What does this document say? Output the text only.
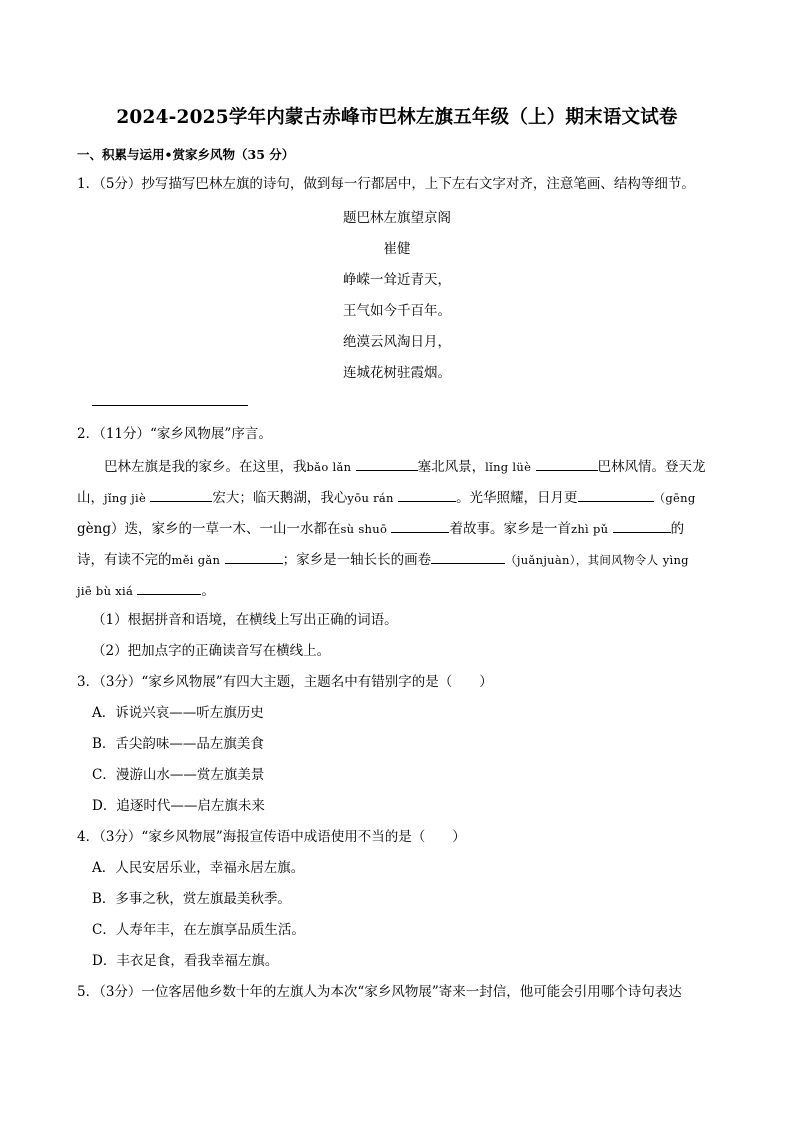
2024-2025学年内蒙古赤峰市巴林左旗五年级（上）期末语文试卷
一、积累与运用•赏家乡风物（35 分）
1．（5分）抄写描写巴林左旗的诗句，做到每一行都居中，上下左右文字对齐，注意笔画、结构等细节。
题巴林左旗望京阁
崔健
峥嵘一耸近青天，
王气如今千百年。
绝漠云风淘日月，
连城花树驻霞烟。
2．（11分）“家乡风物展”序言。
巴林左旗是我的家乡。在这里，我bǎo lǎn	塞北风景，lǐng lüè	巴林风情。登天龙
山，jǐng jiè	宏大；临天鹅湖，我心yōu rán	。光华照耀，日月更	（gēng
gèng）迭，家乡的一草一木、一山一水都在sù shuō	着故事。家乡是一首zhì pǔ	的
诗，有读不完的měi gǎn	；家乡是一轴长长的画卷	（juǎnjuàn），其间风物令人 yìng
jiē bù xiá	。
（1）根据拼音和语境，在横线上写出正确的词语。
（2）把加点字的正确读音写在横线上。
3．（3分）“家乡风物展”有四大主题，主题名中有错别字的是（　　）
A．诉说兴哀——听左旗历史
B．舌尖韵味——品左旗美食
C．漫游山水——赏左旗美景
D．追逐时代——启左旗未来
4．（3分）“家乡风物展”海报宣传语中成语使用不当的是（　　）
A．人民安居乐业，幸福永居左旗。
B．多事之秋，赏左旗最美秋季。
C．人寿年丰，在左旗享品质生活。
D．丰衣足食，看我幸福左旗。
5．（3分）一位客居他乡数十年的左旗人为本次“家乡风物展”寄来一封信，他可能会引用哪个诗句表达
